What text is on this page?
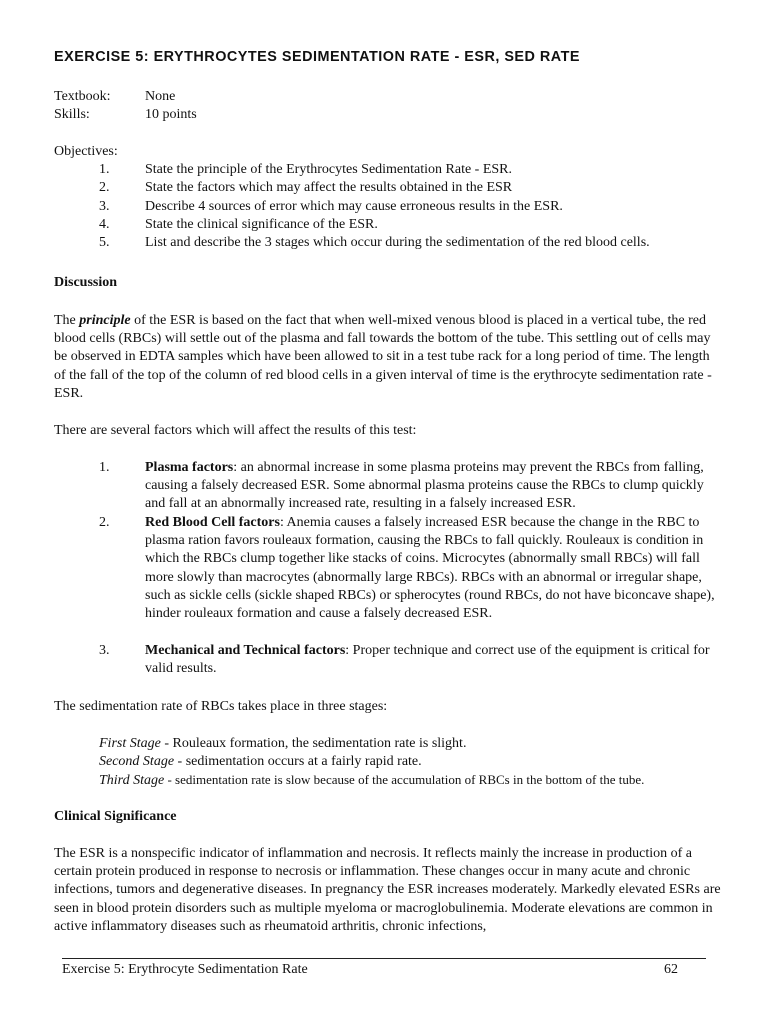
EXERCISE 5: ERYTHROCYTES SEDIMENTATION RATE - ESR, SED RATE
Textbook: None
Skills:	10 points
Objectives:
1.	State the principle of the Erythrocytes Sedimentation Rate - ESR.
2.	State the factors which may affect the results obtained in the ESR
3.	Describe 4 sources of error which may cause erroneous results in the ESR.
4.	State the clinical significance of the ESR.
5.	List and describe the 3 stages which occur during the sedimentation of the red blood cells.
Discussion

The principle of the ESR is based on the fact that when well-mixed venous blood is placed in a vertical tube, the red blood cells (RBCs) will settle out of the plasma and fall towards the bottom of the tube. This settling out of cells may be observed in EDTA samples which have been allowed to sit in a test tube rack for a long period of time. The length of the fall of the top of the column of red blood cells in a given interval of time is the erythrocyte sedimentation rate - ESR.

There are several factors which will affect the results of this test:

1.	Plasma factors: an abnormal increase in some plasma proteins may prevent the RBCs from falling, causing a falsely decreased ESR. Some abnormal plasma proteins cause the RBCs to clump quickly and fall at an abnormally increased rate, resulting in a falsely increased ESR.
2.	Red Blood Cell factors: Anemia causes a falsely increased ESR because the change in the RBC to plasma ration favors rouleaux formation, causing the RBCs to fall quickly. Rouleaux is condition in which the RBCs clump together like stacks of coins. Microcytes (abnormally small RBCs) will fall more slowly than macrocytes (abnormally large RBCs). RBCs with an abnormal or irregular shape, such as sickle cells (sickle shaped RBCs) or spherocytes (round RBCs, do not have biconcave shape), hinder rouleaux formation and cause a falsely decreased ESR.
3.	Mechanical and Technical factors: Proper technique and correct use of the equipment is critical for valid results.

The sedimentation rate of RBCs takes place in three stages:

First Stage - Rouleaux formation, the sedimentation rate is slight.
Second Stage - sedimentation occurs at a fairly rapid rate.
Third Stage - sedimentation rate is slow because of the accumulation of RBCs in the bottom of the tube.
Clinical Significance

The ESR is a nonspecific indicator of inflammation and necrosis. It reflects mainly the increase in production of a certain protein produced in response to necrosis or inflammation. These changes occur in many acute and chronic infections, tumors and degenerative diseases. In pregnancy the ESR increases moderately. Markedly elevated ESRs are seen in blood protein disorders such as multiple myeloma or macroglobulinemia. Moderate elevations are common in active inflammatory diseases such as rheumatoid arthritis, chronic infections,

Exercise 5: Erythrocyte Sedimentation Rate	62
